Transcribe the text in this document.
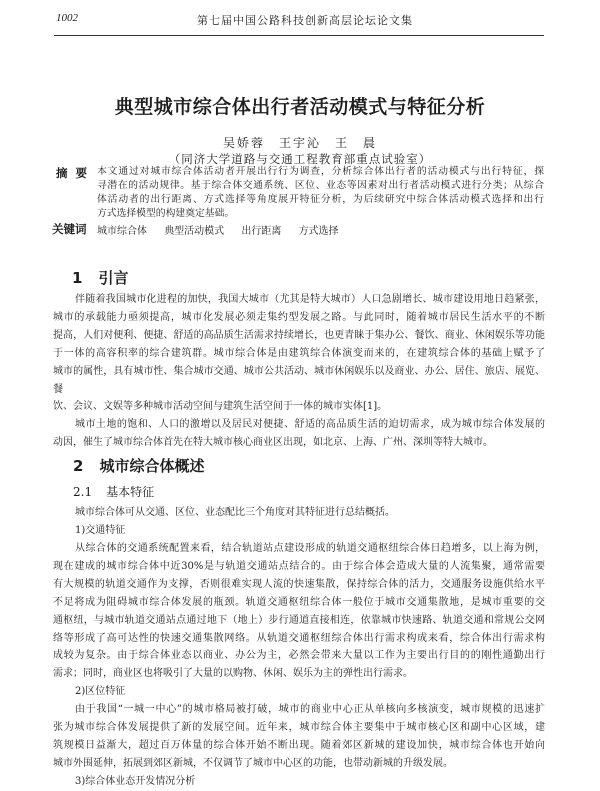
1002	第七届中国公路科技创新高层论坛论文集
典型城市综合体出行者活动模式与特征分析
吴娇蓉　王宇沁　王　晨
（同济大学道路与交通工程教育部重点试验室）
摘要 本文通过对城市综合体活动者开展出行行为调查，分析综合体出行者的活动模式与出行特征，探
寻潜在的活动规律。基于综合体交通系统、区位、业态等因素对出行者活动模式进行分类；从综合
体活动者的出行距离、方式选择等角度展开特征分析，为后续研究中综合体活动模式选择和出行
方式选择模型的构建奠定基础。
关键词 城市综合体 典型活动模式 出行距离 方式选择
1 引言
伴随着我国城市化进程的加快，我国大城市（尤其是特大城市）人口急剧增长、城市建设用地日趋紧张，
城市的承载能力亟须提高，城市化发展必须走集约型发展之路。与此同时，随着城市居民生活水平的不断
提高，人们对便利、便捷、舒适的高品质生活需求持续增长，也更青睐于集办公、餐饮、商业、休闲娱乐等功能
于一体的高容积率的综合建筑群。城市综合体是由建筑综合体演变而来的，在建筑综合体的基础上赋予了
城市的属性，具有城市性、集合城市交通、城市公共活动、城市休闲娱乐以及商业、办公、居住、旅店、展览、餐
饮、会议、文娱等多种城市活动空间与建筑生活空间于一体的城市实体[1]。
城市土地的饱和、人口的激增以及居民对便捷、舒适的高品质生活的迫切需求，成为城市综合体发展的
动因，催生了城市综合体首先在特大城市核心商业区出现，如北京、上海、广州、深圳等特大城市。
2 城市综合体概述
2.1 基本特征
城市综合体可从交通、区位、业态配比三个角度对其特征进行总结概括。
1)交通特征
从综合体的交通系统配置来看，结合轨道站点建设形成的轨道交通枢纽综合体日趋增多，以上海为例，
现在建成的城市综合体中近30%是与轨道交通站点结合的。由于综合体会造成大量的人流集聚，通常需要
有大规模的轨道交通作为支撑，否则很难实现人流的快速集散，保持综合体的活力，交通服务设施供给水平
不足将成为阻碍城市综合体发展的瓶颈。轨道交通枢纽综合体一般位于城市交通集散地，是城市重要的交
通枢纽，与城市轨道交通站点通过地下（地上）步行通道直接相连，依靠城市快速路、轨道交通和常规公交网
络等形成了高可达性的快速交通集散网络。从轨道交通枢纽综合体出行需求构成来看，综合体出行需求构
成较为复杂。由于综合体业态以商业、办公为主，必然会带来大量以工作为主要出行目的的刚性通勤出行
需求；同时，商业区也将吸引了大量的以购物、休闲、娱乐为主的弹性出行需求。
2)区位特征
由于我国“一城一中心”的城市格局被打破，城市的商业中心正从单核向多核演变，城市规模的迅速扩
张为城市综合体发展提供了新的发展空间。近年来，城市综合体主要集中于城市核心区和副中心区域，建
筑规模日益渐大，超过百万体量的综合体开始不断出现。随着郊区新城的建设加快，城市综合体也开始向
城市外围延伸，拓展到郊区新城，不仅调节了城市中心区的功能，也带动新城的升级发展。
3)综合体业态开发情况分析
